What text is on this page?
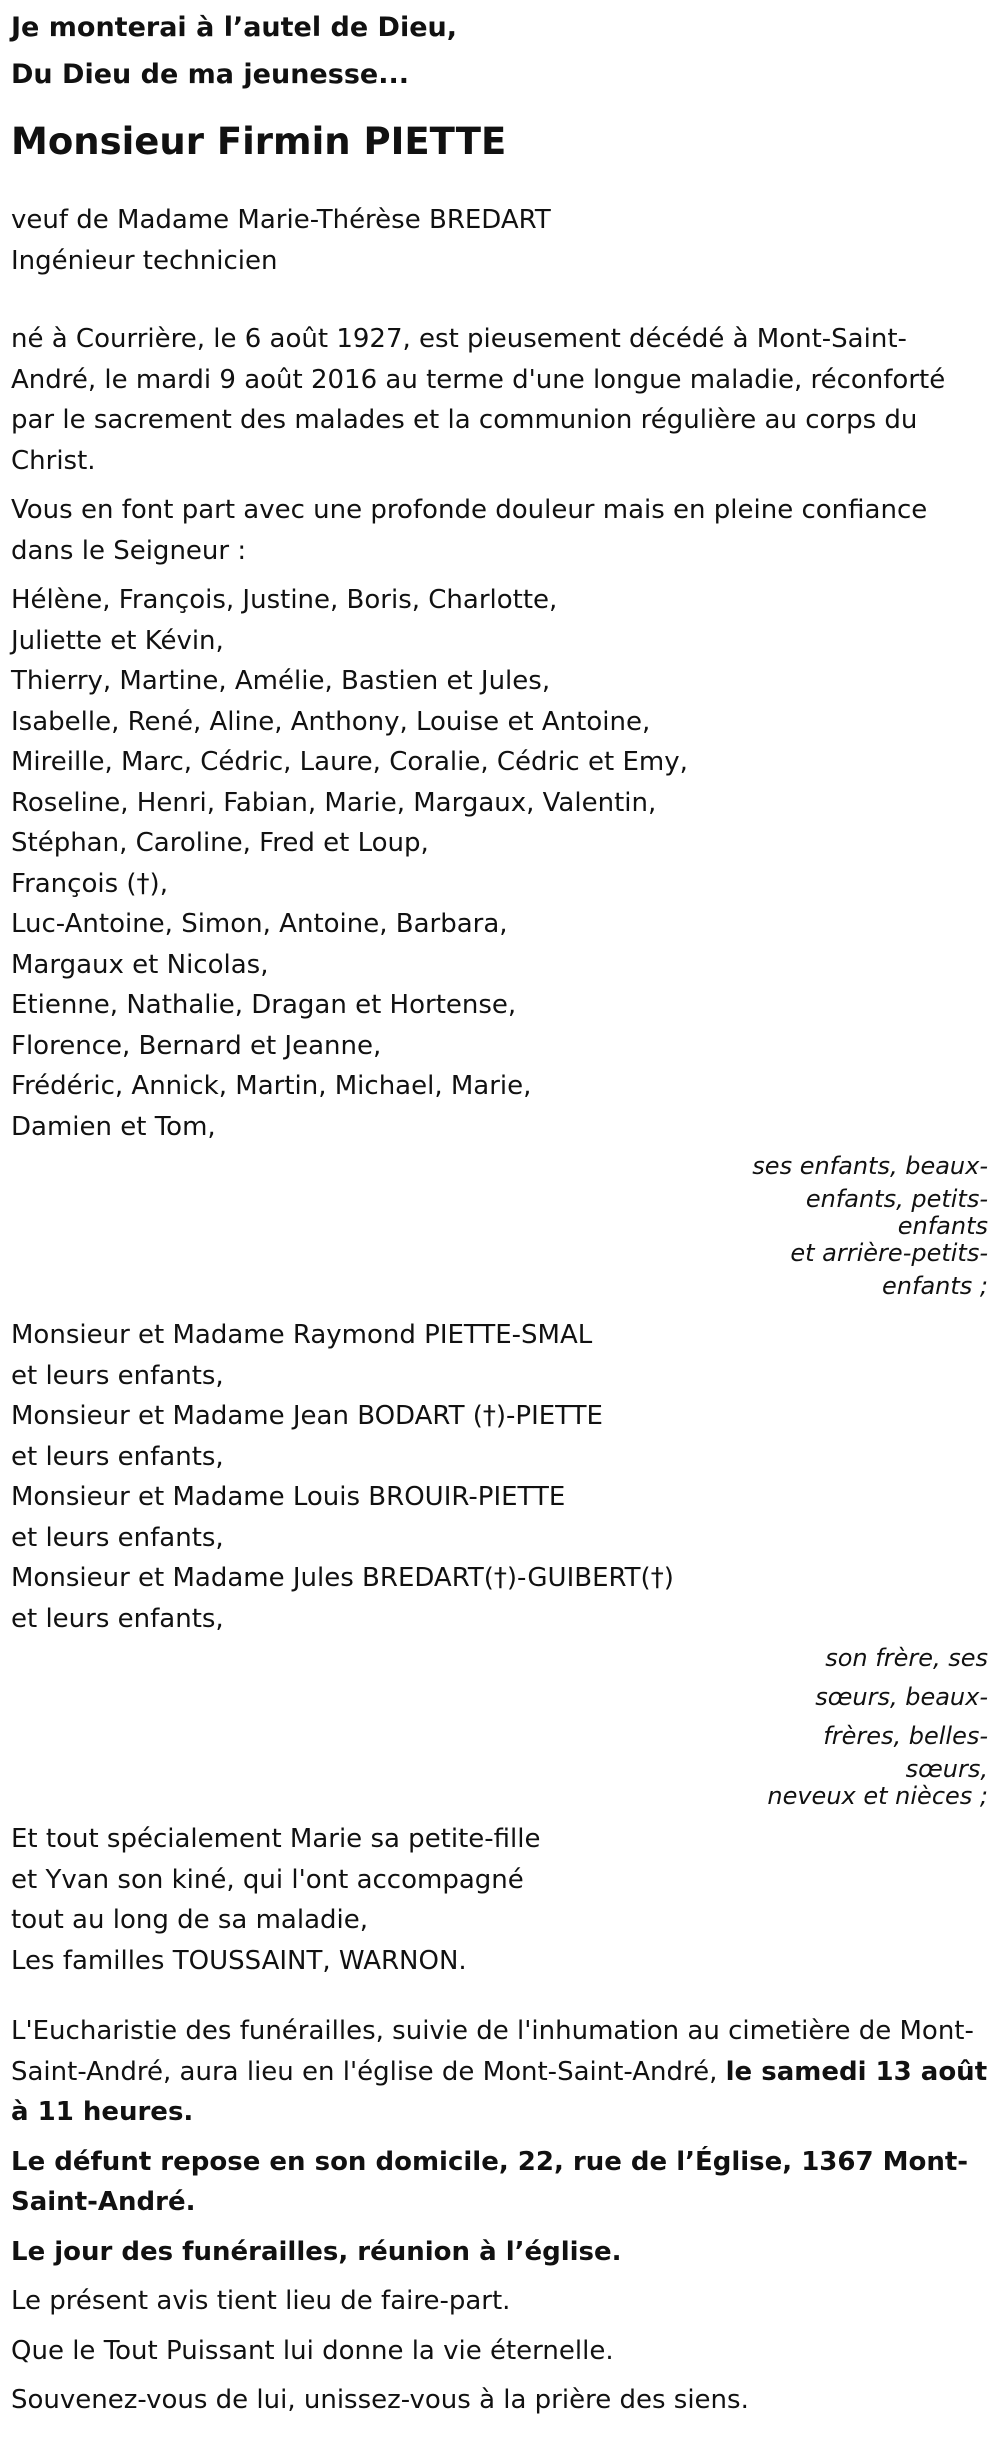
Je monterai à l’autel de Dieu,
Du Dieu de ma jeunesse...

Monsieur Firmin PIETTE
veuf de Madame Marie-Thérèse BREDART
Ingénieur technicien

né à Courrière, le 6 août 1927, est pieusement décédé à Mont-Saint-André, le mardi 9 août 2016 au terme d'une longue maladie, réconforté par le sacrement des malades et la communion régulière au corps du Christ.

Vous en font part avec une profonde douleur mais en pleine confiance dans le Seigneur :

Hélène, François, Justine, Boris, Charlotte,
Juliette et Kévin,
Thierry, Martine, Amélie, Bastien et Jules,
Isabelle, René, Aline, Anthony, Louise et Antoine,
Mireille, Marc, Cédric, Laure, Coralie, Cédric et Emy,
Roseline, Henri, Fabian, Marie, Margaux, Valentin,
Stéphan, Caroline, Fred et Loup,
François (†),
Luc-Antoine, Simon, Antoine, Barbara,
Margaux et Nicolas,
Etienne, Nathalie, Dragan et Hortense,
Florence, Bernard et Jeanne,
Frédéric, Annick, Martin, Michael, Marie,
Damien et Tom,
ses enfants, beaux-
enfants, petits-
enfants
et arrière-petits-
enfants ;
Monsieur et Madame Raymond PIETTE-SMAL
et leurs enfants,
Monsieur et Madame Jean BODART (†)-PIETTE
et leurs enfants,
Monsieur et Madame Louis BROUIR-PIETTE
et leurs enfants,
Monsieur et Madame Jules BREDART(†)-GUIBERT(†)
et leurs enfants,
son frère, ses
sœurs, beaux-
frères, belles-
sœurs,
neveux et nièces ;
Et tout spécialement Marie sa petite-fille
et Yvan son kiné, qui l'ont accompagné
tout au long de sa maladie,
Les familles TOUSSAINT, WARNON.

L'Eucharistie des funérailles, suivie de l'inhumation au cimetière de Mont-Saint-André, aura lieu en l'église de Mont-Saint-André, le samedi 13 août à 11 heures.

Le défunt repose en son domicile, 22, rue de l’Église, 1367 Mont-Saint-André.

Le jour des funérailles, réunion à l’église.

Le présent avis tient lieu de faire-part.

Que le Tout Puissant lui donne la vie éternelle.

Souvenez-vous de lui, unissez-vous à la prière des siens.
